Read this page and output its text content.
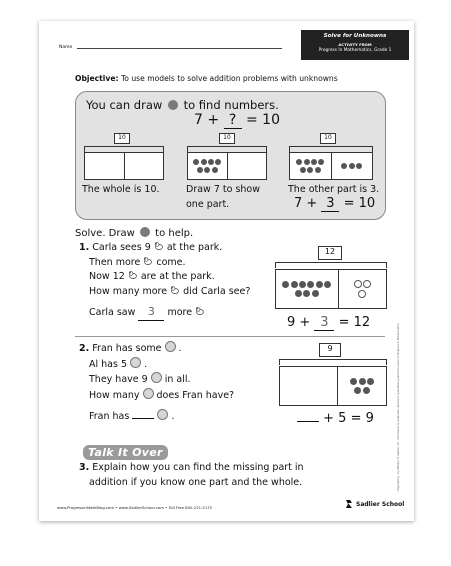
Name
Solve for Unknowns
ACTIVITY FROM
Progress In Mathematics, Grade 1
Objective: To use models to solve addition problems with unknowns
You can draw to find numbers.
7 + ? = 10
10
The whole is 10.
10
Draw 7 to show
one part.
10
The other part is 3.
7 + 3 = 10
Solve. Draw to help.
1. Carla sees 9 at the park.
Then more come.
Now 12 are at the park.
How many more did Carla see?
Carla saw 3 more
12
9 + 3 = 12
2. Fran has some  .
Al has 5  .
They have 9 in all.
How many does Fran have?
Fran has	.
9
+ 5 = 9
Talk It Over
3. Explain how you can find the missing part in
addition if you know one part and the whole.
www.ProgressinMathBlog.com • www.SadlierSchool.com • Toll Free 800-221-5175	Sadlier School
Copyright © by William H. Sadlier, Inc. Permission to duplicate classroom quantities granted to users of Progress in Mathematics.
